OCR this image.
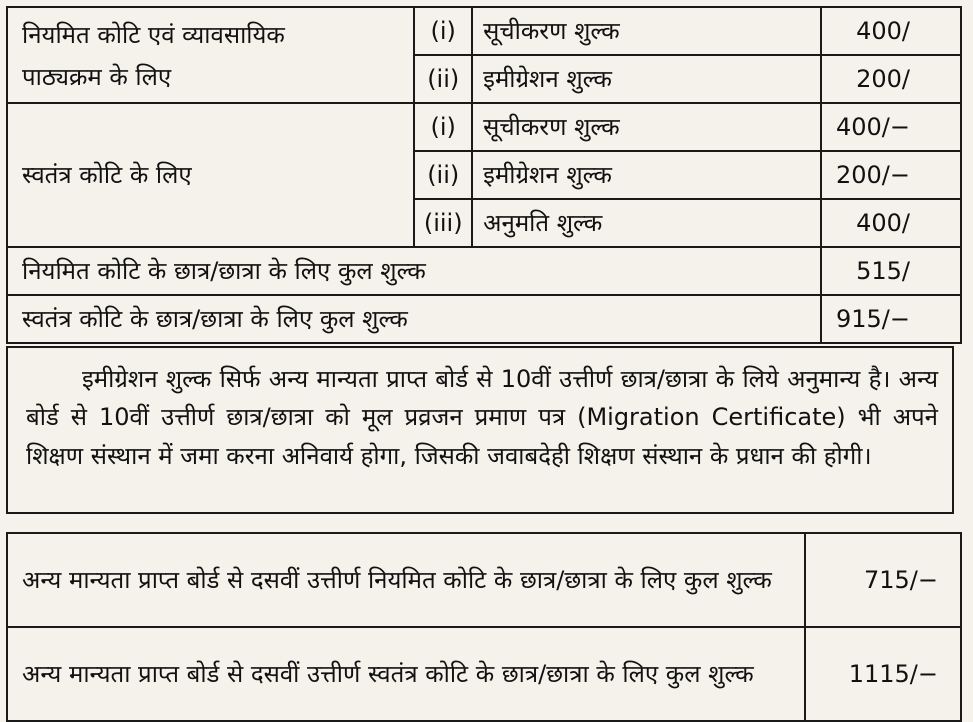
नियमित कोटि एवं व्यावसायिक
पाठ्यक्रम के लिए	(i)	सूचीकरण शुल्क	400/
	(ii)	इमीग्रेशन शुल्क	200/
स्वतंत्र कोटि के लिए	(i)	सूचीकरण शुल्क	400/−
	(ii)	इमीग्रेशन शुल्क	200/−
	(iii)	अनुमति शुल्क	400/
नियमित कोटि के छात्र/छात्रा के लिए कुल शुल्क			515/
स्वतंत्र कोटि के छात्र/छात्रा के लिए कुल शुल्क			915/−

इमीग्रेशन शुल्क सिर्फ अन्य मान्यता प्राप्त बोर्ड से 10वीं उत्तीर्ण छात्र/छात्रा के लिये अनुमान्य है। अन्य बोर्ड से 10वीं उत्तीर्ण छात्र/छात्रा को मूल प्रव्रजन प्रमाण पत्र (Migration Certificate) भी अपने शिक्षण संस्थान में जमा करना अनिवार्य होगा, जिसकी जवाबदेही शिक्षण संस्थान के प्रधान की होगी।

अन्य मान्यता प्राप्त बोर्ड से दसवीं उत्तीर्ण नियमित कोटि के छात्र/छात्रा के लिए कुल शुल्क	715/−
अन्य मान्यता प्राप्त बोर्ड से दसवीं उत्तीर्ण स्वतंत्र कोटि के छात्र/छात्रा के लिए कुल शुल्क	1115/−
